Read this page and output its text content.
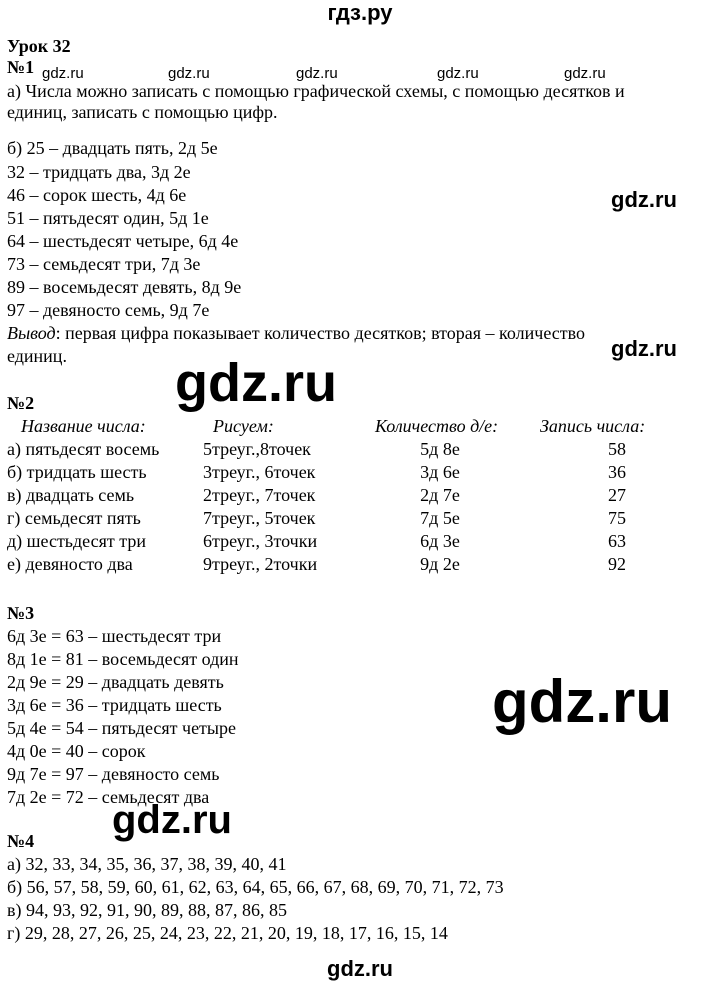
гдз.ру
Урок 32
№1 gdz.ru	gdz.ru	gdz.ru	gdz.ru	gdz.ru
а) Числа можно записать с помощью графической схемы, с помощью десятков и
единиц, записать с помощью цифр.
б) 25 – двадцать пять, 2д 5е
32 – тридцать два, 3д 2е
46 – сорок шесть, 4д 6е
51 – пятьдесят один, 5д 1е
64 – шестьдесят четыре, 6д 4е
73 – семьдесят три, 7д 3е
89 – восемьдесят девять, 8д 9е
97 – девяносто семь, 9д 7е
gdz.ru
Вывод: первая цифра показывает количество десятков; вторая – количество
единиц.	gdz.ru
gdz.ru
№2
Название числа:	Рисуем:	Количество д/е: Запись числа:
а) пятьдесят восемь 5треуг.,8точек	5д 8е	58
б) тридцать шесть	3треуг., 6точек	3д 6е	36
в) двадцать семь	2треуг., 7точек	2д 7е	27
г) семьдесят пять	7треуг., 5точек	7д 5е	75
д) шестьдесят три	6треуг., 3точки	6д 3е	63
е) девяносто два	9треуг., 2точки	9д 2е	92
№3
6д 3е = 63 – шестьдесят три
8д 1е = 81 – восемьдесят один
2д 9е = 29 – двадцать девять
3д 6е = 36 – тридцать шесть
5д 4е = 54 – пятьдесят четыре
4д 0е = 40 – сорок
9д 7е = 97 – девяносто семь
7д 2е = 72 – семьдесят два
gdz.ru
gdz.ru
№4
а) 32, 33, 34, 35, 36, 37, 38, 39, 40, 41
б) 56, 57, 58, 59, 60, 61, 62, 63, 64, 65, 66, 67, 68, 69, 70, 71, 72, 73
в) 94, 93, 92, 91, 90, 89, 88, 87, 86, 85
г) 29, 28, 27, 26, 25, 24, 23, 22, 21, 20, 19, 18, 17, 16, 15, 14
gdz.ru
